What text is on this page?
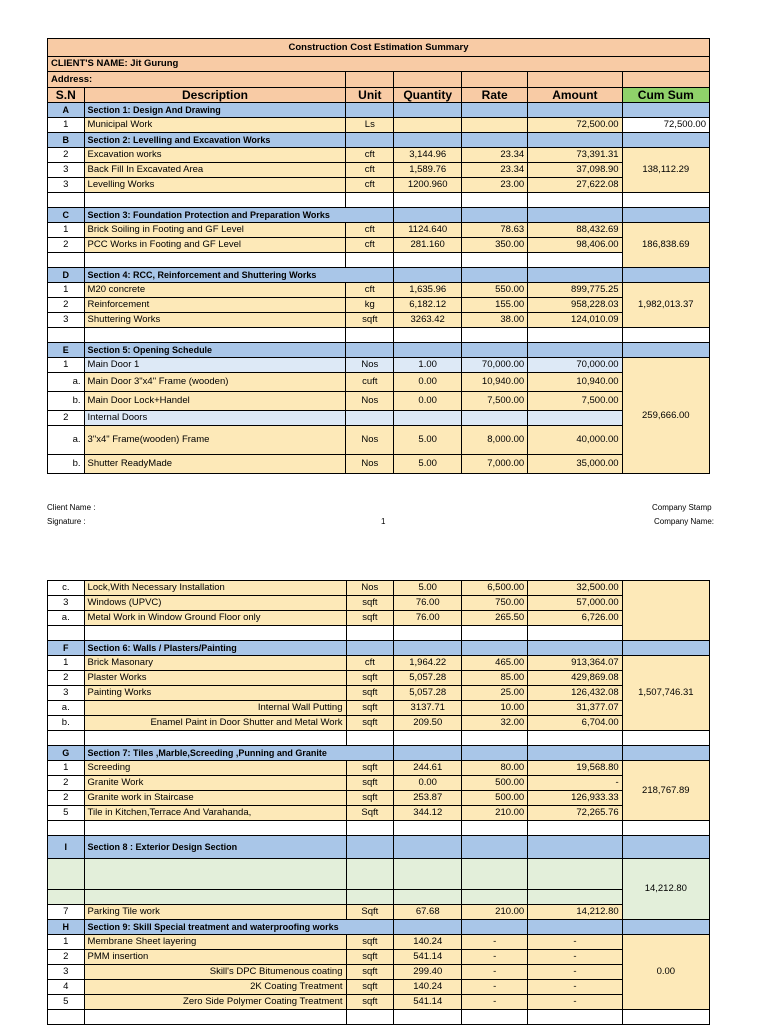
Construction Cost Estimation Summary						
CLIENT'S NAME: Jit Gurung						
Address:						
S.N	Description	Unit	Quantity	Rate	Amount	Cum Sum
A	Section 1: Design And Drawing					
1	Municipal Work	Ls			72,500.00	72,500.00
B	Section 2: Levelling and Excavation Works					
2	Excavation works	cft	3,144.96	23.34	73,391.31	138,112.29
3	Back Fill In Excavated Area	cft	1,589.76	23.34	37,098.90	
3	Levelling Works	cft	1200.960	23.00	27,622.08	

C	Section 3: Foundation Protection and Preparation Works					
1	Brick Soiling in Footing and GF Level	cft	1124.640	78.63	88,432.69	186,838.69
2	PCC Works in Footing and GF Level	cft	281.160	350.00	98,406.00	

D	Section 4: RCC, Reinforcement and Shuttering Works					
1	M20 concrete	cft	1,635.96	550.00	899,775.25	1,982,013.37
2	Reinforcement	kg	6,182.12	155.00	958,228.03	
3	Shuttering Works	sqft	3263.42	38.00	124,010.09	

E	Section 5: Opening Schedule					
1	Main Door 1	Nos	1.00	70,000.00	70,000.00	259,666.00
a.	Main Door 3"x4" Frame (wooden)	cuft	0.00	10,940.00	10,940.00	
b.	Main Door Lock+Handel	Nos	0.00	7,500.00	7,500.00	
2	Internal Doors					
a.	3"x4" Frame(wooden) Frame	Nos	5.00	8,000.00	40,000.00	
b.	Shutter ReadyMade	Nos	5.00	7,000.00	35,000.00	
Client Name :
Signature :	1
Company Stamp
Company Name:
c.	Lock,With Necessary Installation	Nos	5.00	6,500.00	32,500.00	
3	Windows (UPVC)	sqft	76.00	750.00	57,000.00	
a.	Metal Work in Window Ground Floor only	sqft	76.00	265.50	6,726.00	

F	Section 6: Walls / Plasters/Painting					
1	Brick Masonary	cft	1,964.22	465.00	913,364.07	1,507,746.31
2	Plaster Works	sqft	5,057.28	85.00	429,869.08	
3	Painting Works	sqft	5,057.28	25.00	126,432.08	
a.	Internal Wall Putting	sqft	3137.71	10.00	31,377.07	
b.	Enamel Paint in Door Shutter and Metal Work	sqft	209.50	32.00	6,704.00	

G	Section 7: Tiles ,Marble,Screeding ,Punning and Granite					
1	Screeding	sqft	244.61	80.00	19,568.80	218,767.89
2	Granite Work	sqft	0.00	500.00	-	
2	Granite work in Staircase	sqft	253.87	500.00	126,933.33	
5	Tile in Kitchen,Terrace And Varahanda,	Sqft	344.12	210.00	72,265.76	

I	Section 8 : Exterior Design Section					
						14,212.80

7	Parking Tile work	Sqft	67.68	210.00	14,212.80	
H	Section 9: Skill Special treatment and waterproofing works					
1	Membrane Sheet layering	sqft	140.24	-	-	0.00
2	PMM insertion	sqft	541.14	-	-	
3	Skill's DPC Bitumenous coating	sqft	299.40	-	-	
4	2K Coating Treatment	sqft	140.24	-	-	
5	Zero Side Polymer Coating Treatment	sqft	541.14	-	-	
